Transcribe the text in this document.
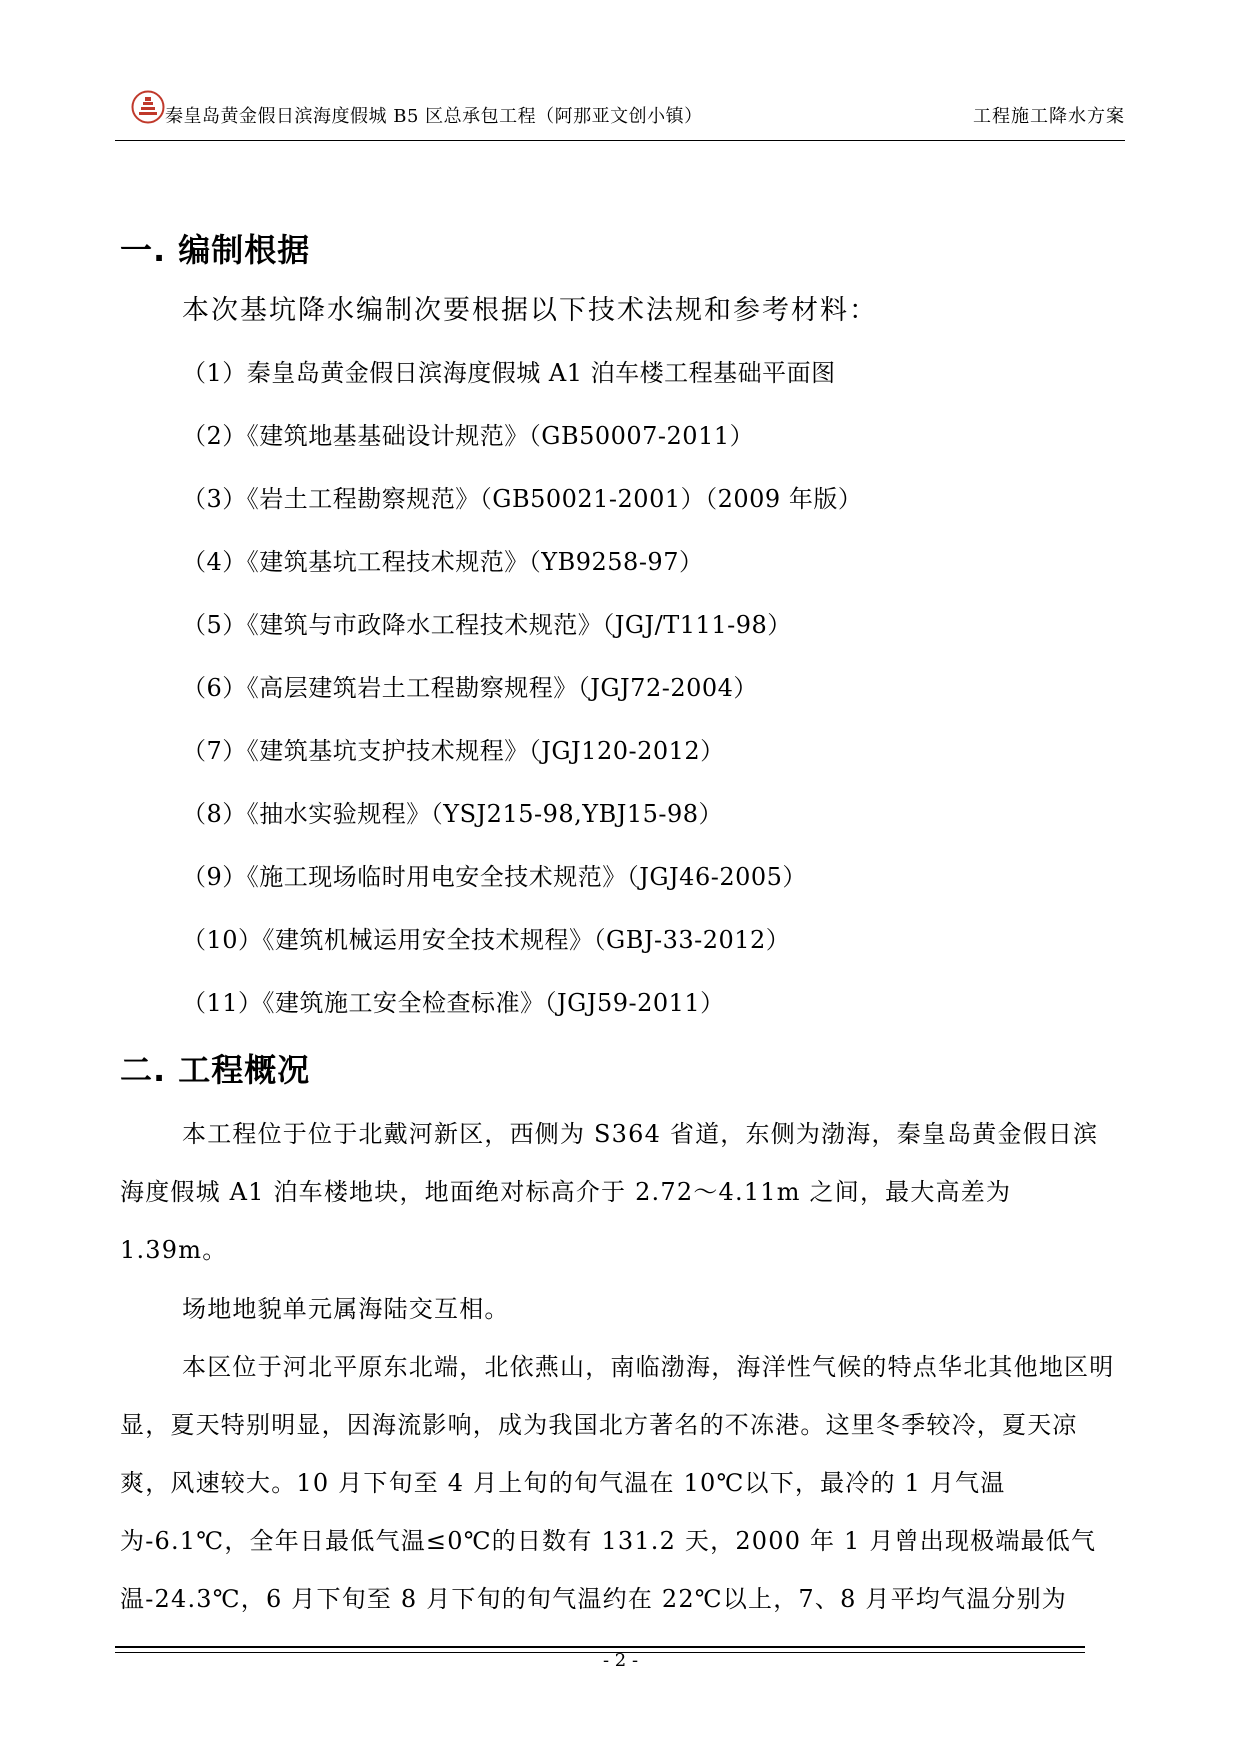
秦皇岛黄金假日滨海度假城 B5 区总承包工程（阿那亚文创小镇）	工程施工降水方案
一. 编制根据
本次基坑降水编制次要根据以下技术法规和参考材料：
（1）秦皇岛黄金假日滨海度假城 A1 泊车楼工程基础平面图
（2）《建筑地基基础设计规范》（GB50007-2011）
（3）《岩土工程勘察规范》（GB50021-2001）（2009 年版）
（4）《建筑基坑工程技术规范》（YB9258-97）
（5）《建筑与市政降水工程技术规范》（JGJ/T111-98）
（6）《高层建筑岩土工程勘察规程》（JGJ72-2004）
（7）《建筑基坑支护技术规程》（JGJ120-2012）
（8）《抽水实验规程》（YSJ215-98,YBJ15-98）
（9）《施工现场临时用电安全技术规范》（JGJ46-2005）
（10）《建筑机械运用安全技术规程》（GBJ-33-2012）
（11）《建筑施工安全检查标准》（JGJ59-2011）
二. 工程概况

本工程位于位于北戴河新区，西侧为 S364 省道，东侧为渤海，秦皇岛黄金假日滨海度假城 A1 泊车楼地块，地面绝对标高介于 2.72～4.11m 之间，最大高差为 1.39m。

场地地貌单元属海陆交互相。

本区位于河北平原东北端，北依燕山，南临渤海，海洋性气候的特点华北其他地区明显，夏天特别明显，因海流影响，成为我国北方著名的不冻港。这里冬季较冷，夏天凉爽，风速较大。10 月下旬至 4 月上旬的旬气温在 10℃以下，最冷的 1 月气温为-6.1℃，全年日最低气温≤0℃的日数有 131.2 天，2000 年 1 月曾出现极端最低气温-24.3℃，6 月下旬至 8 月下旬的旬气温约在 22℃以上，7、8 月平均气温分别为

- 2 -
